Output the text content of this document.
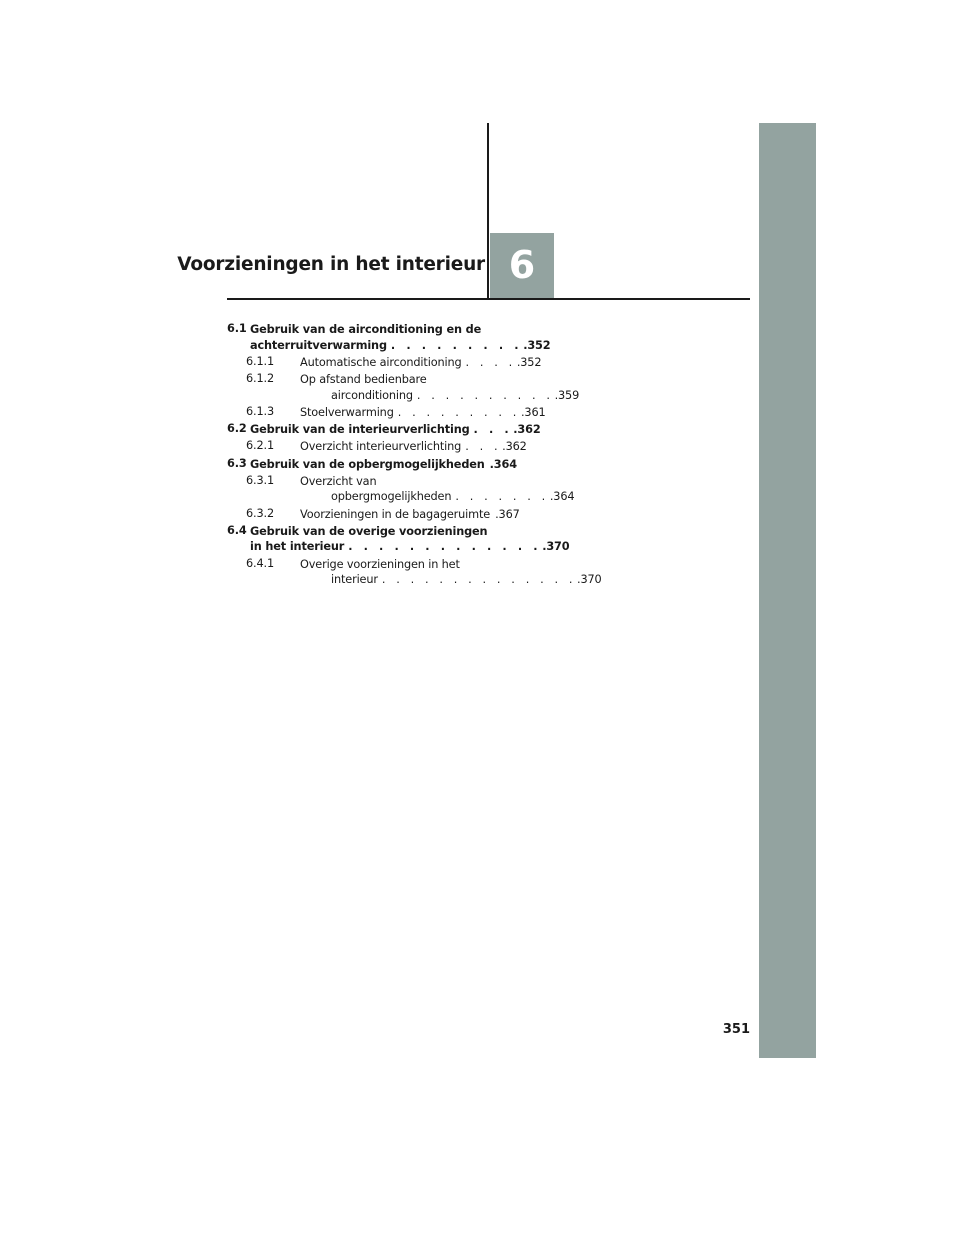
Voorzieningen in het interieur 6
6.1 Gebruik van de airconditioning en de
achterruitverwarming . . . . . . . . . .352
6.1.1 Automatische airconditioning . . . . .352
6.1.2 Op afstand bedienbare
airconditioning . . . . . . . . . . .359
6.1.3 Stoelverwarming . . . . . . . . . .361
6.2 Gebruik van de interieurverlichting . . . .362
6.2.1 Overzicht interieurverlichting . . . .362
6.3 Gebruik van de opbergmogelijkheden .364
6.3.1 Overzicht van
opbergmogelijkheden . . . . . . . .364
6.3.2 Voorzieningen in de bagageruimte .367
6.4 Gebruik van de overige voorzieningen
in het interieur . . . . . . . . . . . . . .370
6.4.1 Overige voorzieningen in het
interieur . . . . . . . . . . . . . . .370
351
